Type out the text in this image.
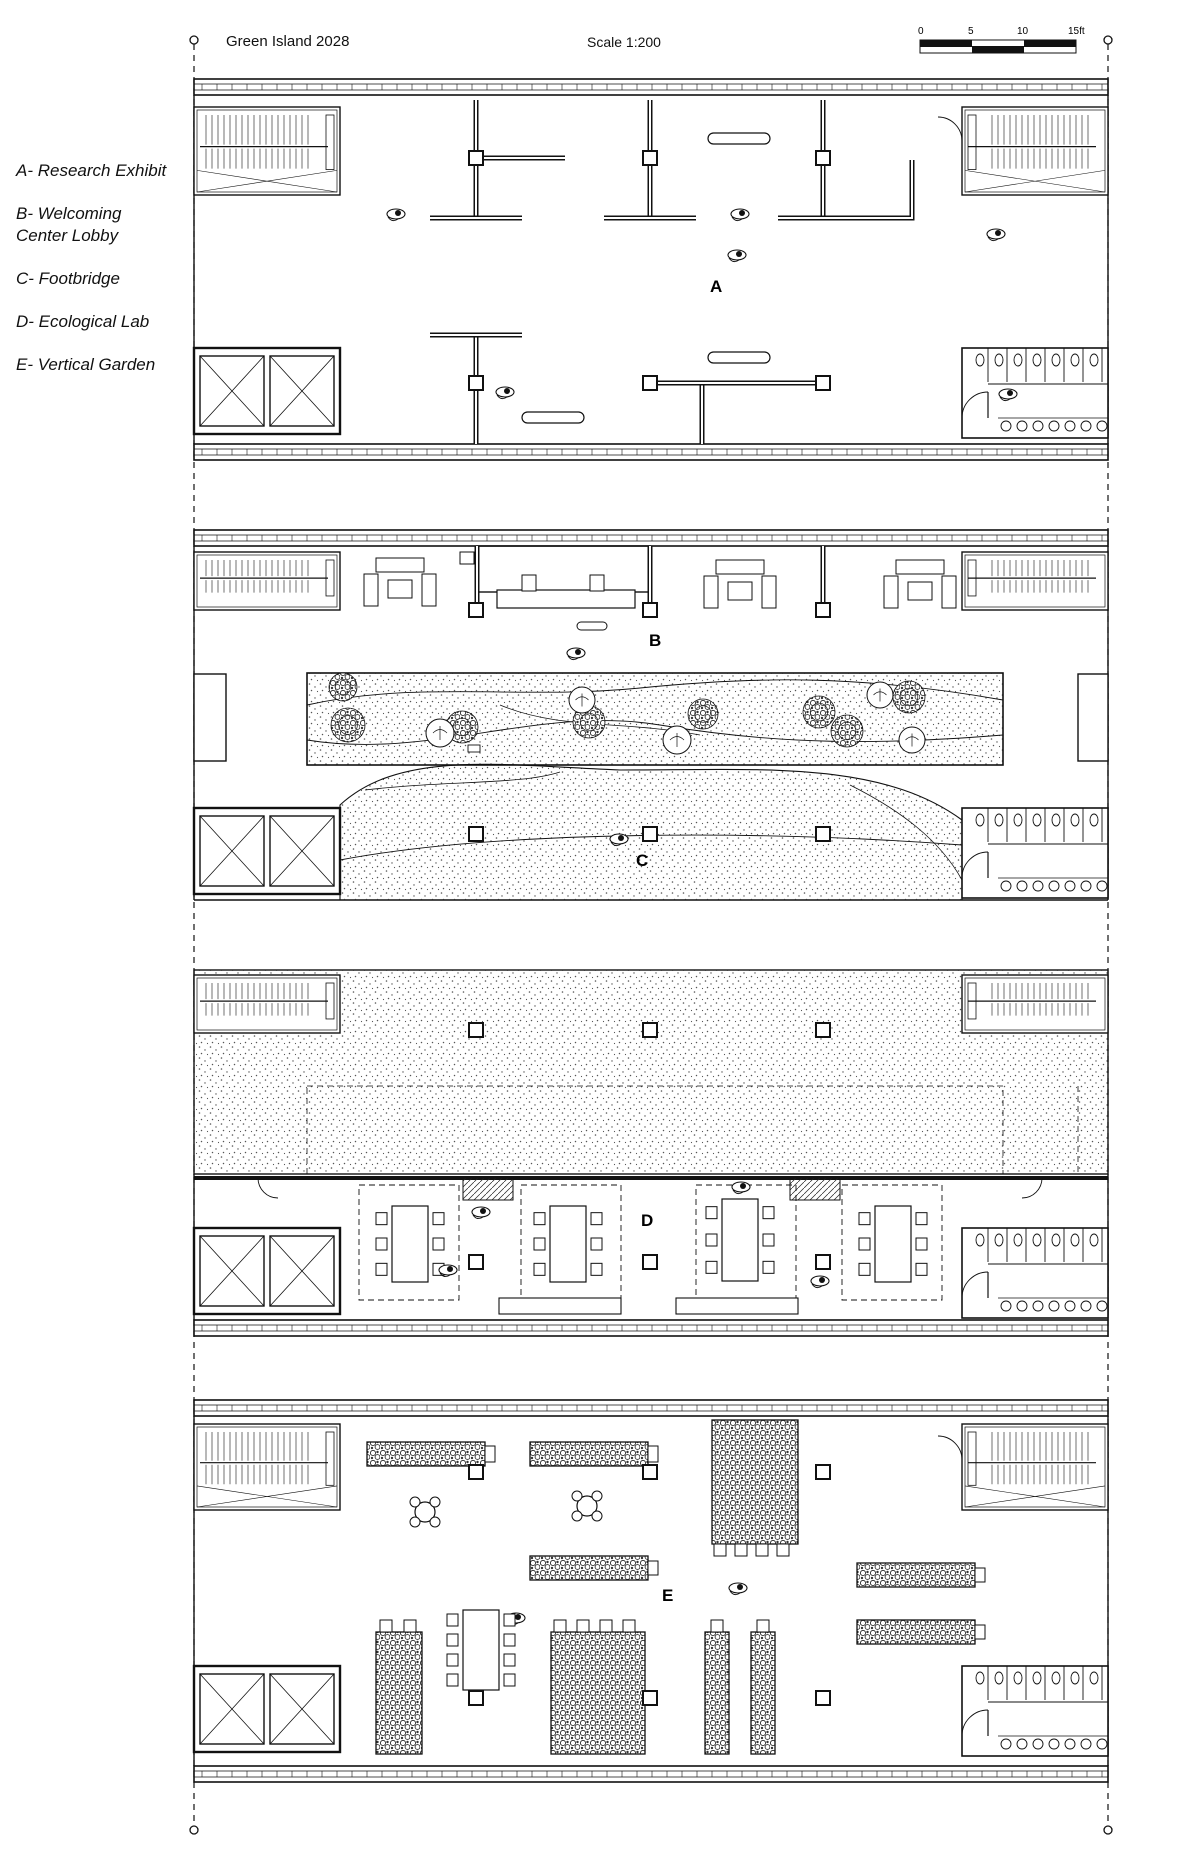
Green Island 2028	Scale 1:200
A- Research Exhibit
B- Welcoming
Center Lobby
C- Footbridge
D- Ecological Lab
E- Vertical Garden
0	5	10	15ft
A
B
C
D
E
